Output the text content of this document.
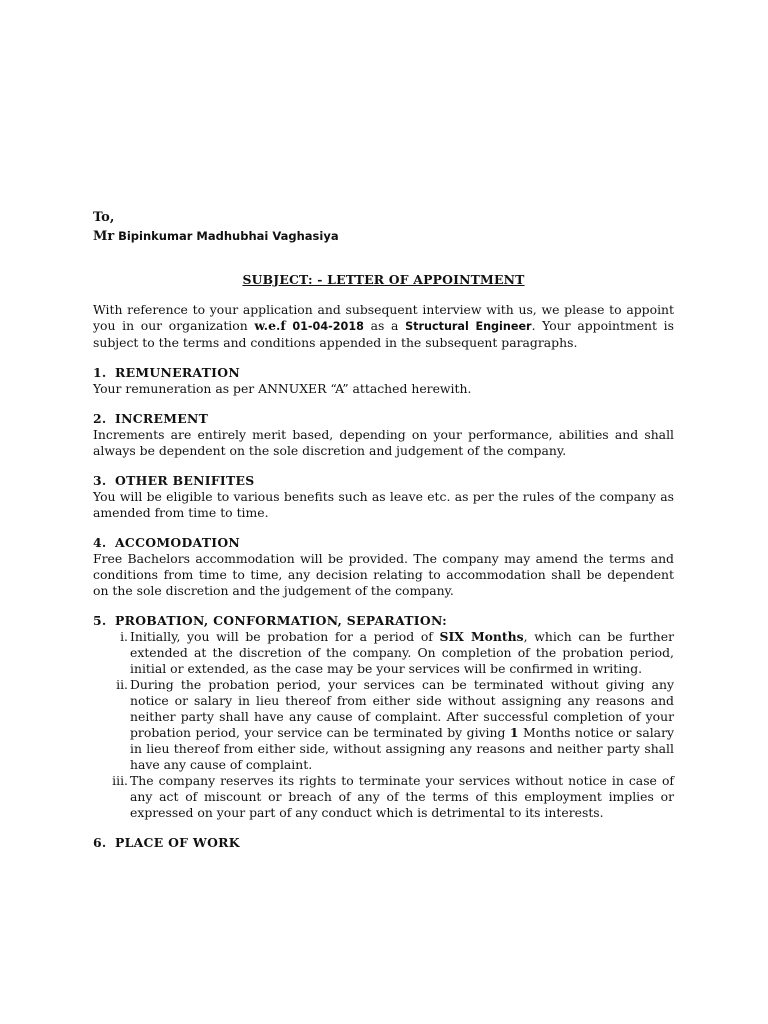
To,
Mr Bipinkumar Madhubhai Vaghasiya
SUBJECT: - LETTER OF APPOINTMENT
With reference to your application and subsequent interview with us, we please to appoint you in our organization w.e.f 01-04-2018 as a Structural Engineer. Your appointment is subject to the terms and conditions appended in the subsequent paragraphs.
1. REMUNERATION
Your remuneration as per ANNUXER “A” attached herewith.
2. INCREMENT
Increments are entirely merit based, depending on your performance, abilities and shall always be dependent on the sole discretion and judgement of the company.
3. OTHER BENIFITES
You will be eligible to various benefits such as leave etc. as per the rules of the company as amended from time to time.
4. ACCOMODATION
Free Bachelors accommodation will be provided. The company may amend the terms and conditions from time to time, any decision relating to accommodation shall be dependent on the sole discretion and the judgement of the company.
5. PROBATION, CONFORMATION, SEPARATION:
i. Initially, you will be probation for a period of SIX Months, which can be further extended at the discretion of the company. On completion of the probation period, initial or extended, as the case may be your services will be confirmed in writing.
ii. During the probation period, your services can be terminated without giving any notice or salary in lieu thereof from either side without assigning any reasons and neither party shall have any cause of complaint. After successful completion of your probation period, your service can be terminated by giving 1 Months notice or salary in lieu thereof from either side, without assigning any reasons and neither party shall have any cause of complaint.
iii. The company reserves its rights to terminate your services without notice in case of any act of miscount or breach of any of the terms of this employment implies or expressed on your part of any conduct which is detrimental to its interests.
6. PLACE OF WORK
